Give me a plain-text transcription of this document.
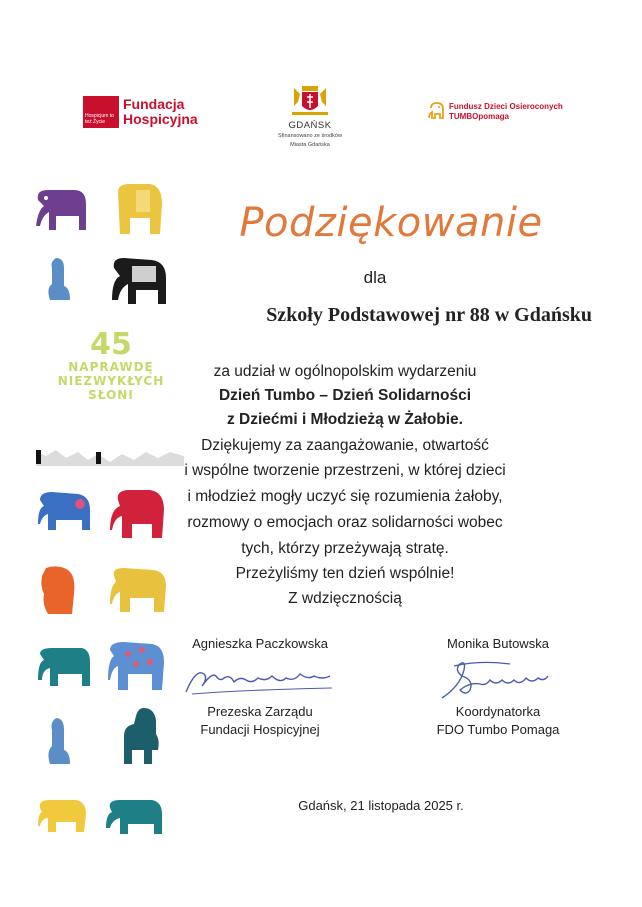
Hospicjum to też Życie
Fundacja
Hospicyjna	GDAŃSK
Sfinansowano ze środków
Miasta Gdańska
Fundusz Dzieci Osieroconych
TUMBOpomaga
45
NAPRAWDĘ
NIEZWYKŁYCH
SŁONI
Podziękowanie
dla
Szkoły Podstawowej nr 88 w Gdańsku
za udział w ogólnopolskim wydarzeniu
Dzień Tumbo – Dzień Solidarności
z Dziećmi i Młodzieżą w Żałobie.
Dziękujemy za zaangażowanie, otwartość
i wspólne tworzenie przestrzeni, w której dzieci
i młodzież mogły uczyć się rozumienia żałoby,
rozmowy o emocjach oraz solidarności wobec
tych, którzy przeżywają stratę.
Przeżyliśmy ten dzień wspólnie!
Z wdzięcznością
Agnieszka Paczkowska	Monika Butowska
Prezeska Zarządu
Fundacji Hospicyjnej
Koordynatorka
FDO Tumbo Pomaga
Gdańsk, 21 listopada 2025 r.
